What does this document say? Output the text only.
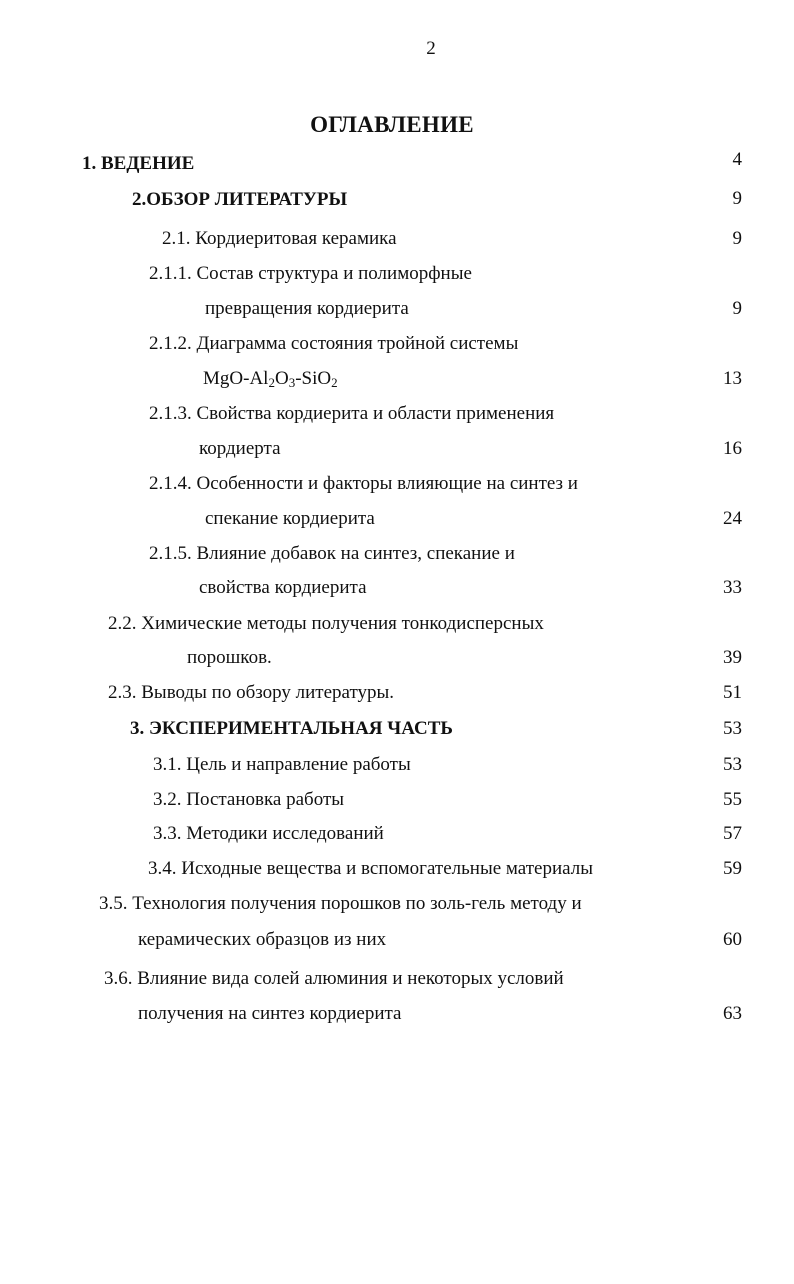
2
ОГЛАВЛЕНИЕ
1. ВЕДЕНИЕ	4
2.ОБЗОР ЛИТЕРАТУРЫ	9
2.1. Кордиеритовая керамика	9
2.1.1. Состав структура и полиморфные
превращения кордиерита	9
2.1.2. Диаграмма состояния тройной системы
MgO-$Al_2O_3-SiO_2$	13
2.1.3. Свойства кордиерита и области применения
кордиерта	16
2.1.4. Особенности и факторы влияющие на синтез и
спекание кордиерита	24
2.1.5. Влияние добавок на синтез, спекание и
свойства кордиерита	33
2.2. Химические методы получения тонкодисперсных
порошков.	39
2.3. Выводы по обзору литературы.	51
3. ЭКСПЕРИМЕНТАЛЬНАЯ ЧАСТЬ	53
3.1. Цель и направление работы	53
3.2. Постановка работы	55
3.3. Методики исследований	57
3.4. Исходные вещества и вспомогательные материалы	59
3.5. Технология получения порошков по золь-гель методу и
керамических образцов из них	60
3.6. Влияние вида солей алюминия и некоторых условий
получения на синтез кордиерита	63
